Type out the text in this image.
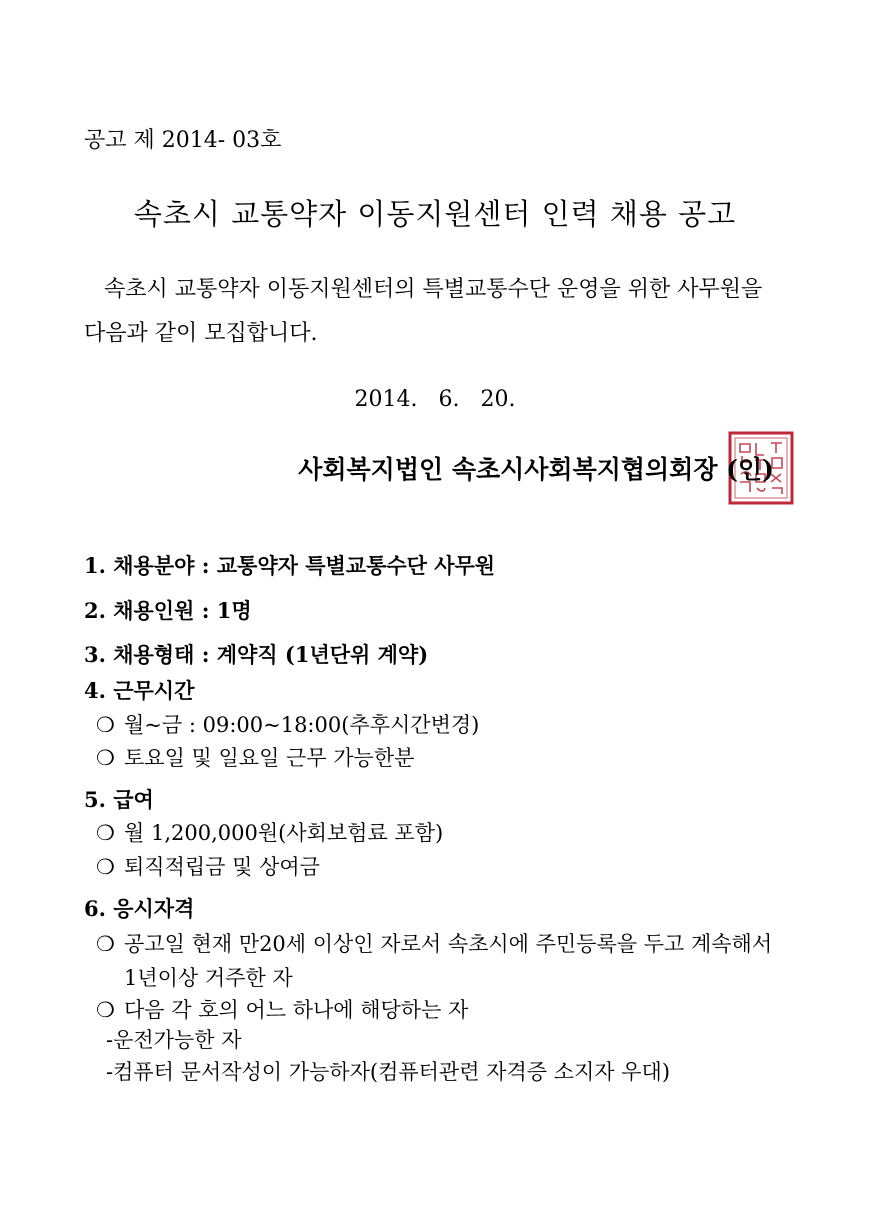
공고 제 2014- 03호
속초시 교통약자 이동지원센터 인력 채용 공고
속초시 교통약자 이동지원센터의 특별교통수단 운영을 위한 사무원을 다음과 같이 모집합니다.
2014. 6. 20.
사회복지법인 속초시사회복지협의회장 (인)
1. 채용분야 : 교통약자 특별교통수단 사무원
2. 채용인원 : 1명
3. 채용형태 : 계약직 (1년단위 계약)
4. 근무시간
❍ 월~금 : 09:00~18:00(추후시간변경)
❍ 토요일 및 일요일 근무 가능한분
5. 급여
❍ 월 1,200,000원(사회보험료 포함)
❍ 퇴직적립금 및 상여금
6. 응시자격
❍ 공고일 현재 만20세 이상인 자로서 속초시에 주민등록을 두고 계속해서
1년이상 거주한 자
❍ 다음 각 호의 어느 하나에 해당하는 자
-운전가능한 자
-컴퓨터 문서작성이 가능하자(컴퓨터관련 자격증 소지자 우대)
